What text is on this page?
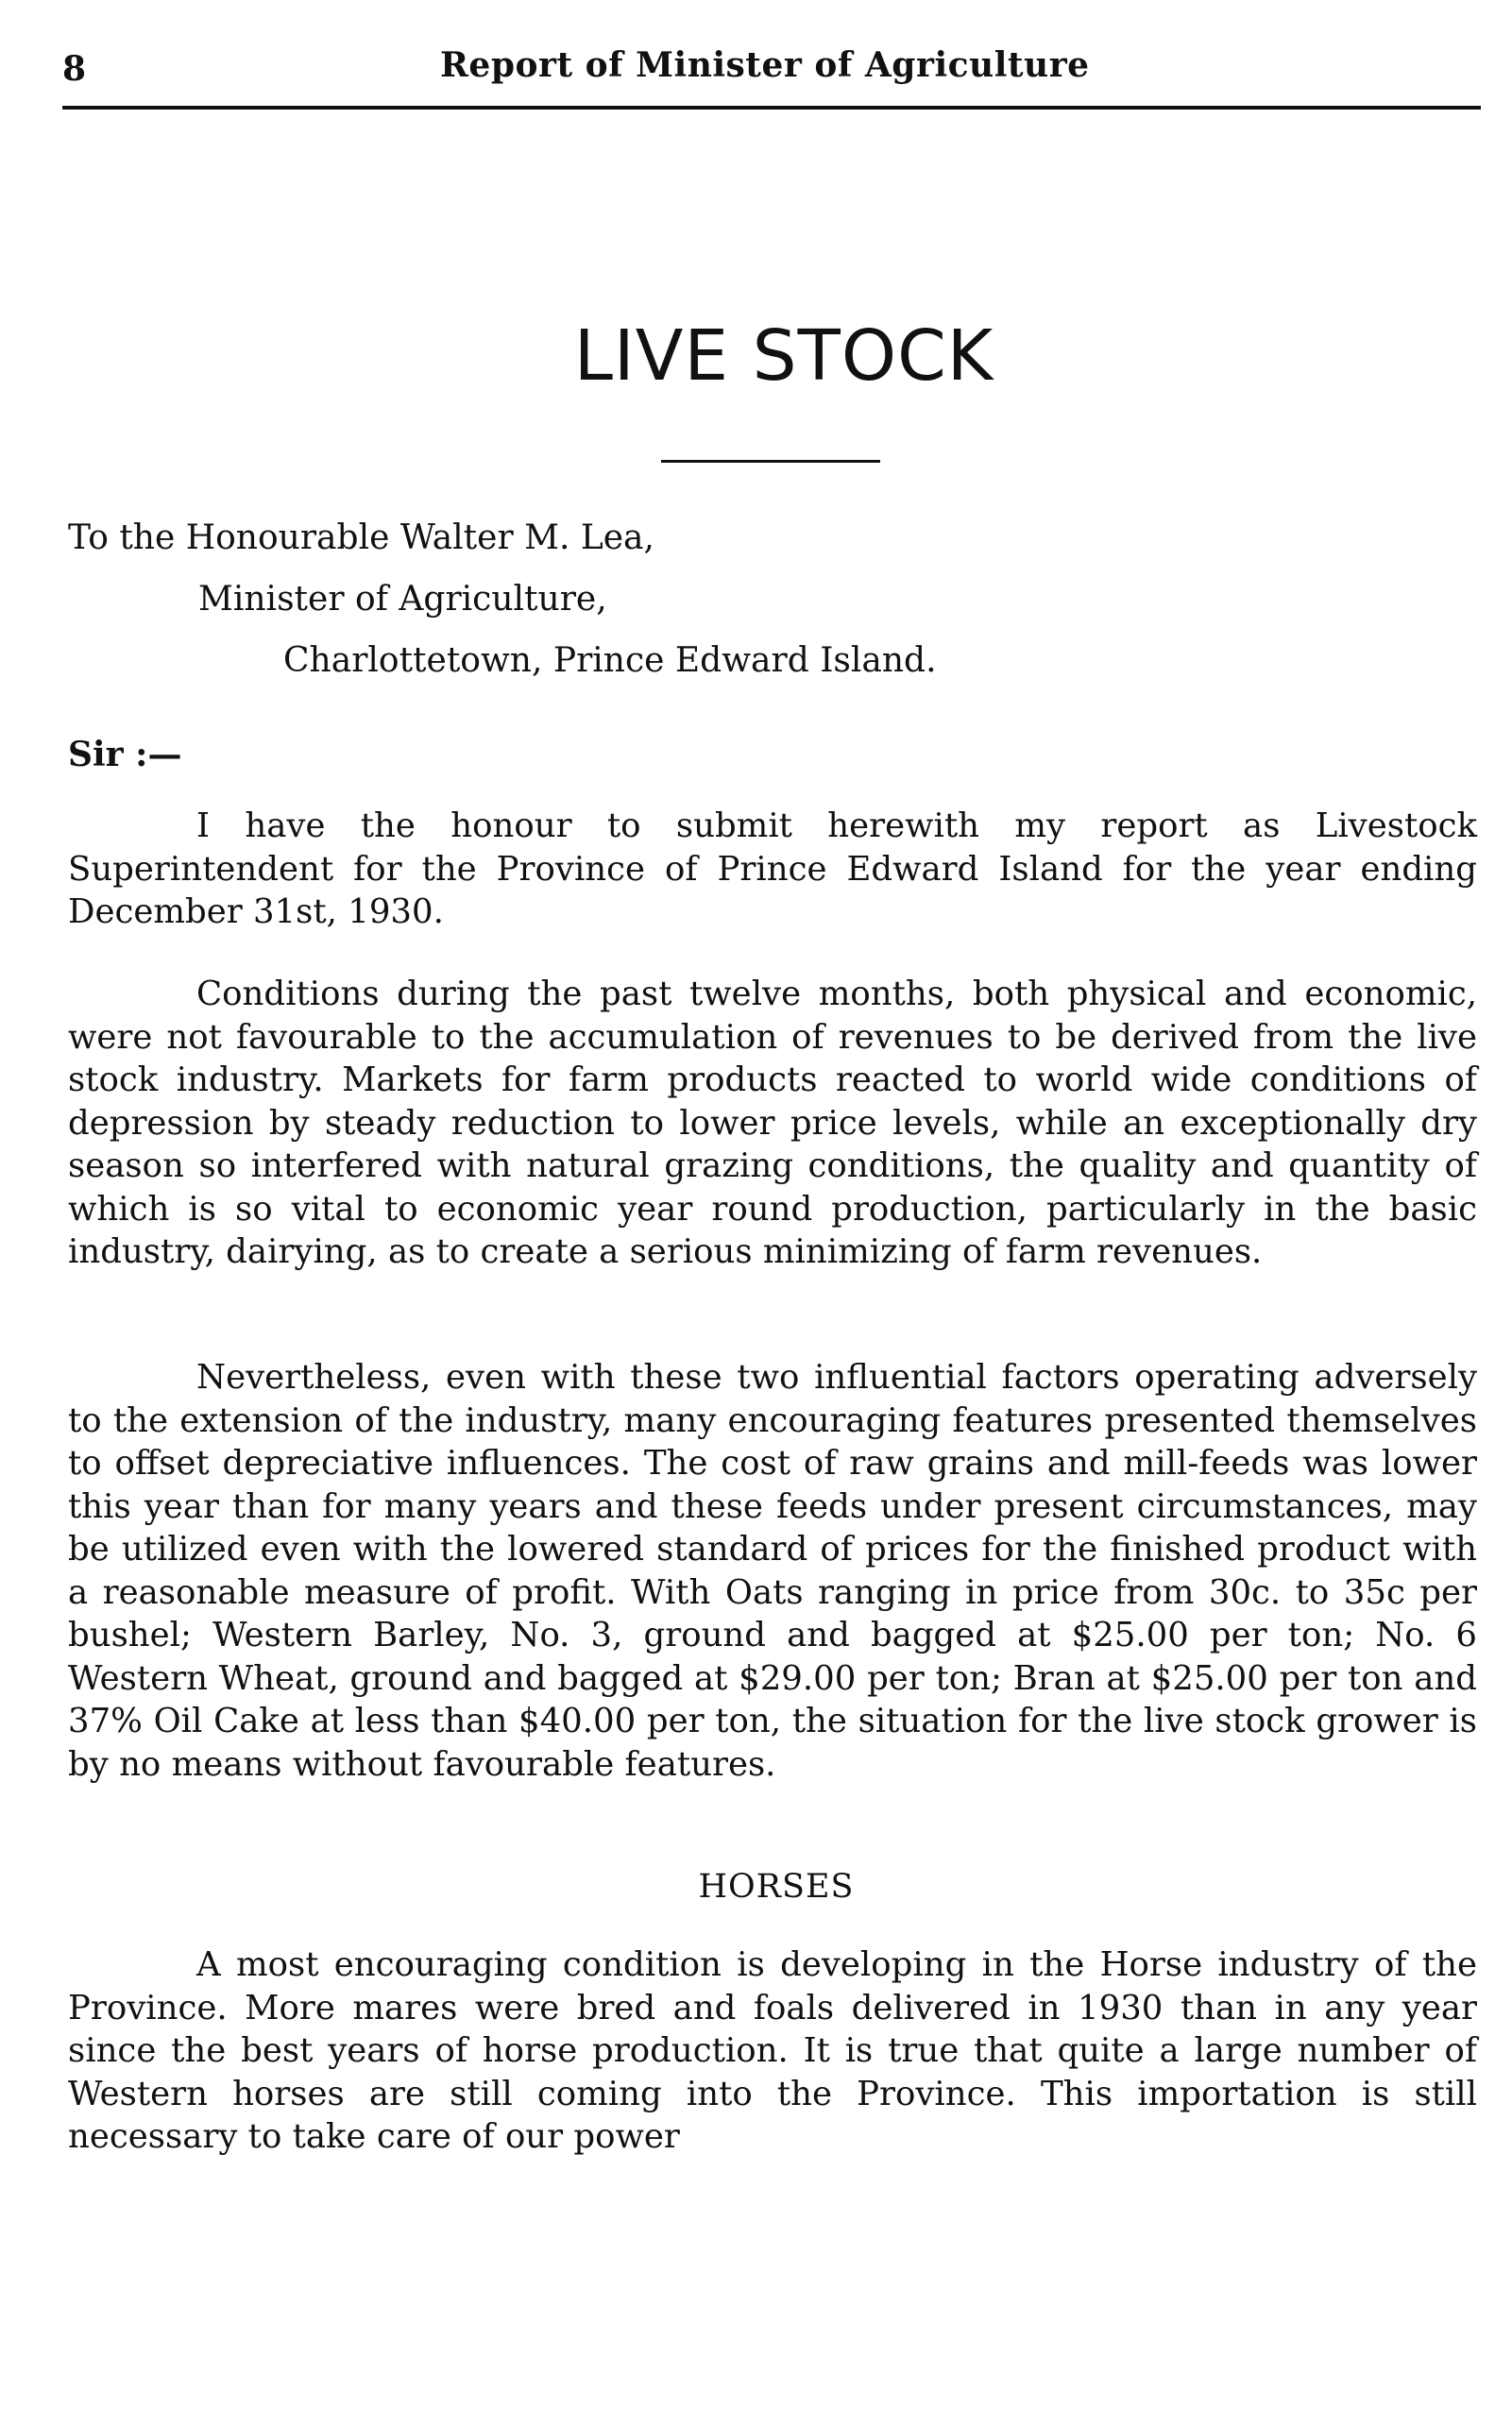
8	Report of Minister of Agriculture
LIVE STOCK
To the Honourable Walter M. Lea,
Minister of Agriculture,
Charlottetown, Prince Edward Island.
Sir :—

I have the honour to submit herewith my report as Livestock Superintendent for the Province of Prince Edward Island for the year ending December 31st, 1930.

Conditions during the past twelve months, both physical and economic, were not favourable to the accumulation of revenues to be derived from the live stock industry. Markets for farm products reacted to world wide conditions of depression by steady reduction to lower price levels, while an exceptionally dry season so interfered with natural grazing conditions, the quality and quantity of which is so vital to economic year round production, particularly in the basic industry, dairying, as to create a serious minimizing of farm revenues.

Nevertheless, even with these two influential factors operating adversely to the extension of the industry, many encouraging features presented themselves to offset depreciative influences. The cost of raw grains and mill-feeds was lower this year than for many years and these feeds under present circumstances, may be utilized even with the lowered standard of prices for the finished product with a reasonable measure of profit. With Oats ranging in price from 30c. to 35c per bushel; Western Barley, No. 3, ground and bagged at $25.00 per ton; No. 6 Western Wheat, ground and bagged at $29.00 per ton; Bran at $25.00 per ton and 37% Oil Cake at less than $40.00 per ton, the situation for the live stock grower is by no means without favourable features.

HORSES

A most encouraging condition is developing in the Horse industry of the Province. More mares were bred and foals delivered in 1930 than in any year since the best years of horse production. It is true that quite a large number of Western horses are still coming into the Province. This importation is still necessary to take care of our power
